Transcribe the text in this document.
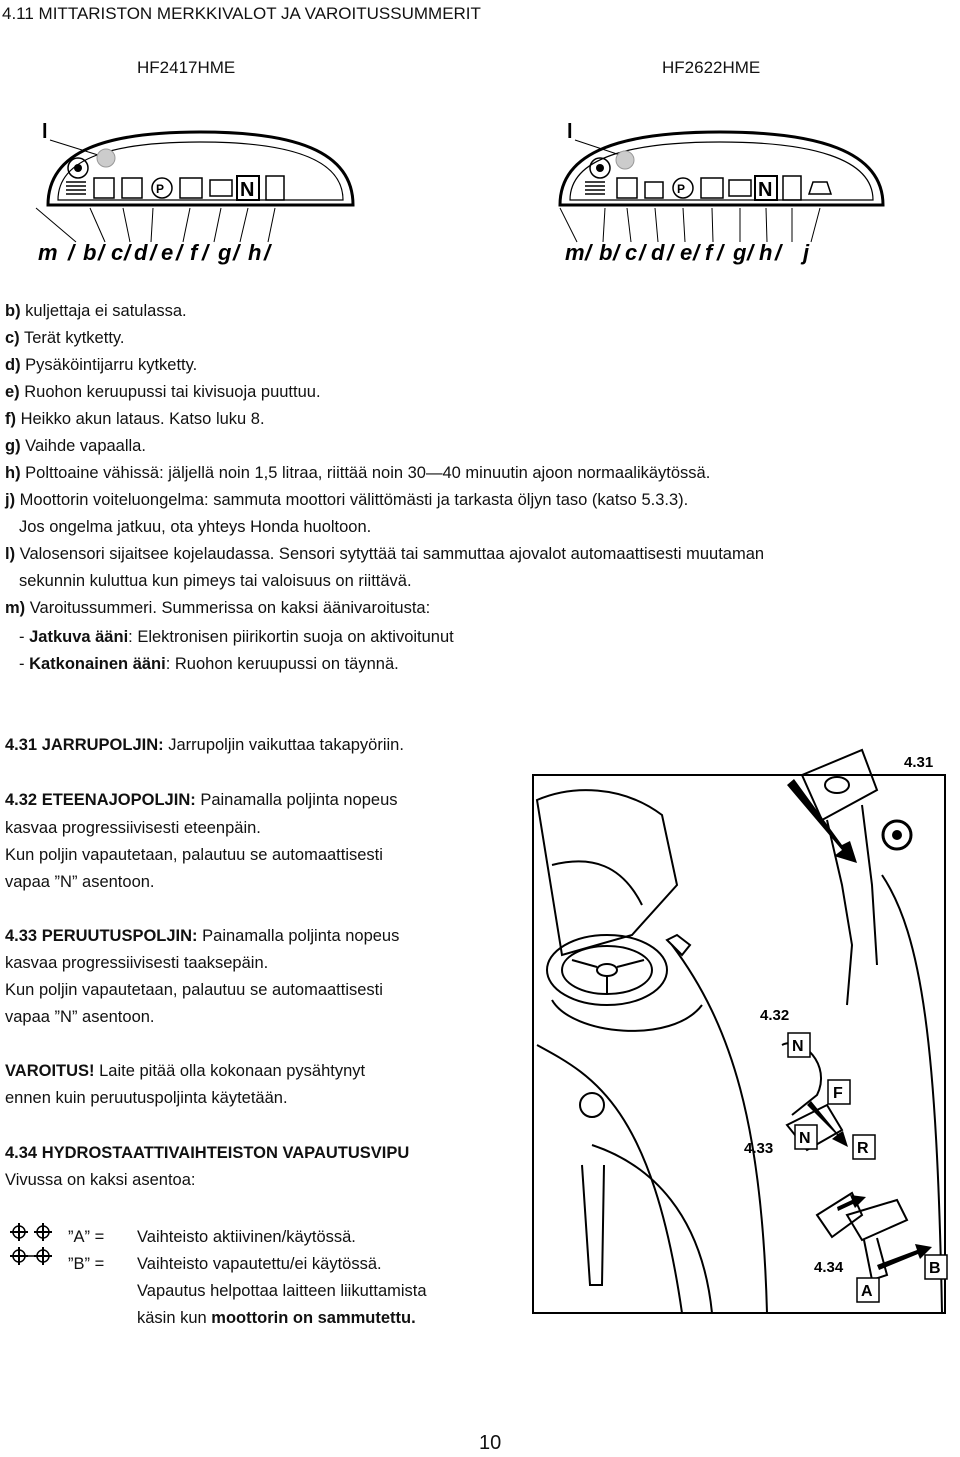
4.11 MITTARISTON MERKKIVALOT JA VAROITUSSUMMERIT
HF2417HME	HF2622HME
l
P	N
m / b / c / d / e / f / g / h /
l
P	N
m / b / c / d / e / f / g / h / j
b) kuljettaja ei satulassa.
c) Terät kytketty.
d) Pysäköintijarru kytketty.
e) Ruohon keruupussi tai kivisuoja puuttuu.
f) Heikko akun lataus. Katso luku 8.
g) Vaihde vapaalla.
h) Polttoaine vähissä: jäljellä noin 1,5 litraa, riittää noin 30—40 minuutin ajoon normaalikäytössä.
j) Moottorin voiteluongelma: sammuta moottori välittömästi ja tarkasta öljyn taso (katso 5.3.3).
Jos ongelma jatkuu, ota yhteys Honda huoltoon.
l) Valosensori sijaitsee kojelaudassa. Sensori sytyttää tai sammuttaa ajovalot automaattisesti muutaman
sekunnin kuluttua kun pimeys tai valoisuus on riittävä.
m) Varoitussummeri. Summerissa on kaksi äänivaroitusta:
- Jatkuva ääni: Elektronisen piirikortin suoja on aktivoitunut
- Katkonainen ääni: Ruohon keruupussi on täynnä.
4.31 JARRUPOLJIN: Jarrupoljin vaikuttaa takapyöriin.
4.32 ETEENAJOPOLJIN: Painamalla poljinta nopeus
kasvaa progressiivisesti eteenpäin.
Kun poljin vapautetaan, palautuu se automaattisesti
vapaa ”N” asentoon.
4.33 PERUUTUSPOLJIN: Painamalla poljinta nopeus
kasvaa progressiivisesti taaksepäin.
Kun poljin vapautetaan, palautuu se automaattisesti
vapaa ”N” asentoon.
VAROITUS! Laite pitää olla kokonaan pysähtynyt
ennen kuin peruutuspoljinta käytetään.
4.34 HYDROSTAATTIVAIHTEISTON VAPAUTUSVIPU
Vivussa on kaksi asentoa:
”A” = Vaihteisto aktiivinen/käytössä.
”B” = Vaihteisto vapautettu/ei käytössä.
Vapautus helpottaa laitteen liikuttamista
käsin kun moottorin on sammutettu.
4.31
4.32
4.33
4.34
N
F
N
R
A
B
10
